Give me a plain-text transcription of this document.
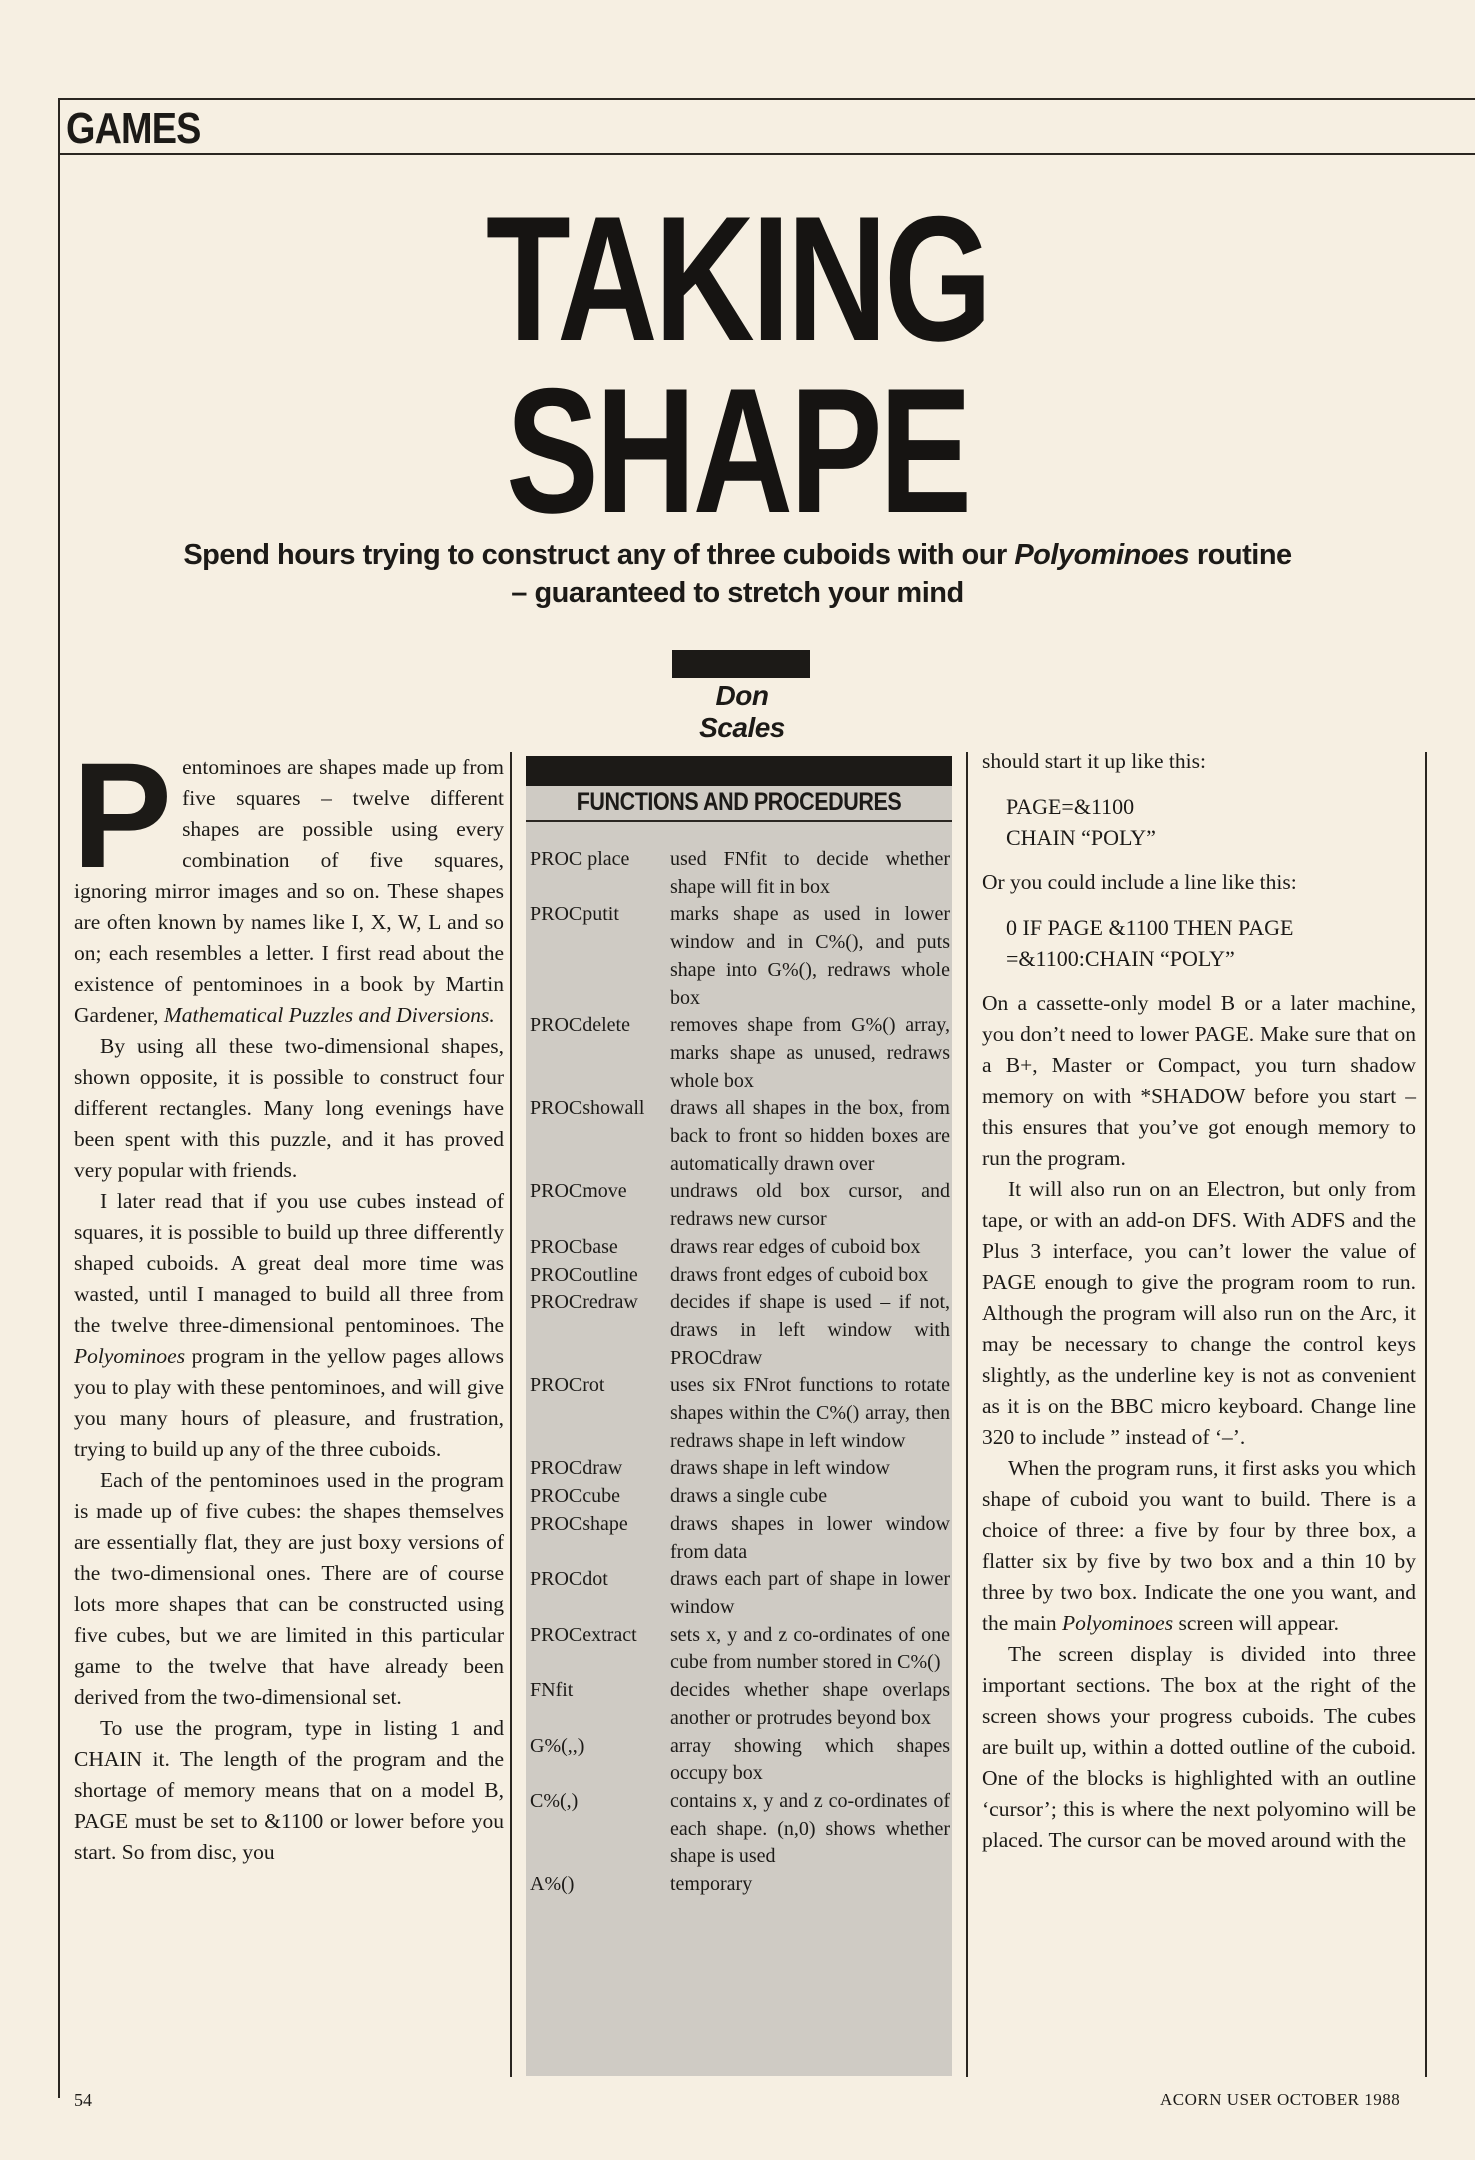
GAMES
TAKING
SHAPE
Spend hours trying to construct any of three cuboids with our Polyominoes routine – guaranteed to stretch your mind
Don Scales
P entominoes are shapes made up from five squares – twelve different shapes are possible using every combination of five squares, ignoring mirror images and so on. These shapes are often known by names like I, X, W, L and so on; each resembles a letter. I first read about the existence of pentominoes in a book by Martin Gardener, Mathematical Puzzles and Diversions.

By using all these two-dimensional shapes, shown opposite, it is possible to construct four different rectangles. Many long evenings have been spent with this puzzle, and it has proved very popular with friends.

I later read that if you use cubes instead of squares, it is possible to build up three differently shaped cuboids. A great deal more time was wasted, until I managed to build all three from the twelve three-dimensional pentominoes. The Polyominoes program in the yellow pages allows you to play with these pentominoes, and will give you many hours of pleasure, and frustration, trying to build up any of the three cuboids.

Each of the pentominoes used in the program is made up of five cubes: the shapes themselves are essentially flat, they are just boxy versions of the two-dimensional ones. There are of course lots more shapes that can be constructed using five cubes, but we are limited in this particular game to the twelve that have already been derived from the two-dimensional set.

To use the program, type in listing 1 and CHAIN it. The length of the program and the shortage of memory means that on a model B, PAGE must be set to &1100 or lower before you start. So from disc, you

FUNCTIONS AND PROCEDURES
PROC place	used FNfit to decide whether shape will fit in box
PROCputit	marks shape as used in lower window and in C%(), and puts shape into G%(), redraws whole box
PROCdelete	removes shape from G%() array, marks shape as unused, redraws whole box
PROCshowall	draws all shapes in the box, from back to front so hidden boxes are automatically drawn over
PROCmove	undraws old box cursor, and redraws new cursor
PROCbase	draws rear edges of cuboid box
PROCoutline	draws front edges of cuboid box
PROCredraw	decides if shape is used – if not, draws in left window with PROCdraw
PROCrot	uses six FNrot functions to rotate shapes within the C%() array, then redraws shape in left window
PROCdraw	draws shape in left window
PROCcube	draws a single cube
PROCshape	draws shapes in lower window from data
PROCdot	draws each part of shape in lower window
PROCextract	sets x, y and z co-ordinates of one cube from number stored in C%()
FNfit	decides whether shape overlaps another or protrudes beyond box
G%(,,)	array showing which shapes occupy box
C%(,)	contains x, y and z co-ordinates of each shape. (n,0) shows whether shape is used
A%()	temporary

should start it up like this:

PAGE=&1100
CHAIN “POLY”

Or you could include a line like this:

0 IF PAGE &1100 THEN PAGE
=&1100:CHAIN “POLY”

On a cassette-only model B or a later machine, you don’t need to lower PAGE. Make sure that on a B+, Master or Compact, you turn shadow memory on with *SHADOW before you start – this ensures that you’ve got enough memory to run the program.

It will also run on an Electron, but only from tape, or with an add-on DFS. With ADFS and the Plus 3 interface, you can’t lower the value of PAGE enough to give the program room to run. Although the program will also run on the Arc, it may be necessary to change the control keys slightly, as the underline key is not as convenient as it is on the BBC micro keyboard. Change line 320 to include ” instead of ‘–’.

When the program runs, it first asks you which shape of cuboid you want to build. There is a choice of three: a five by four by three box, a flatter six by five by two box and a thin 10 by three by two box. Indicate the one you want, and the main Polyominoes screen will appear.

The screen display is divided into three important sections. The box at the right of the screen shows your progress cuboids. The cubes are built up, within a dotted outline of the cuboid. One of the blocks is highlighted with an outline ‘cursor’; this is where the next polyomino will be placed. The cursor can be moved around with the

54	ACORN USER OCTOBER 1988
